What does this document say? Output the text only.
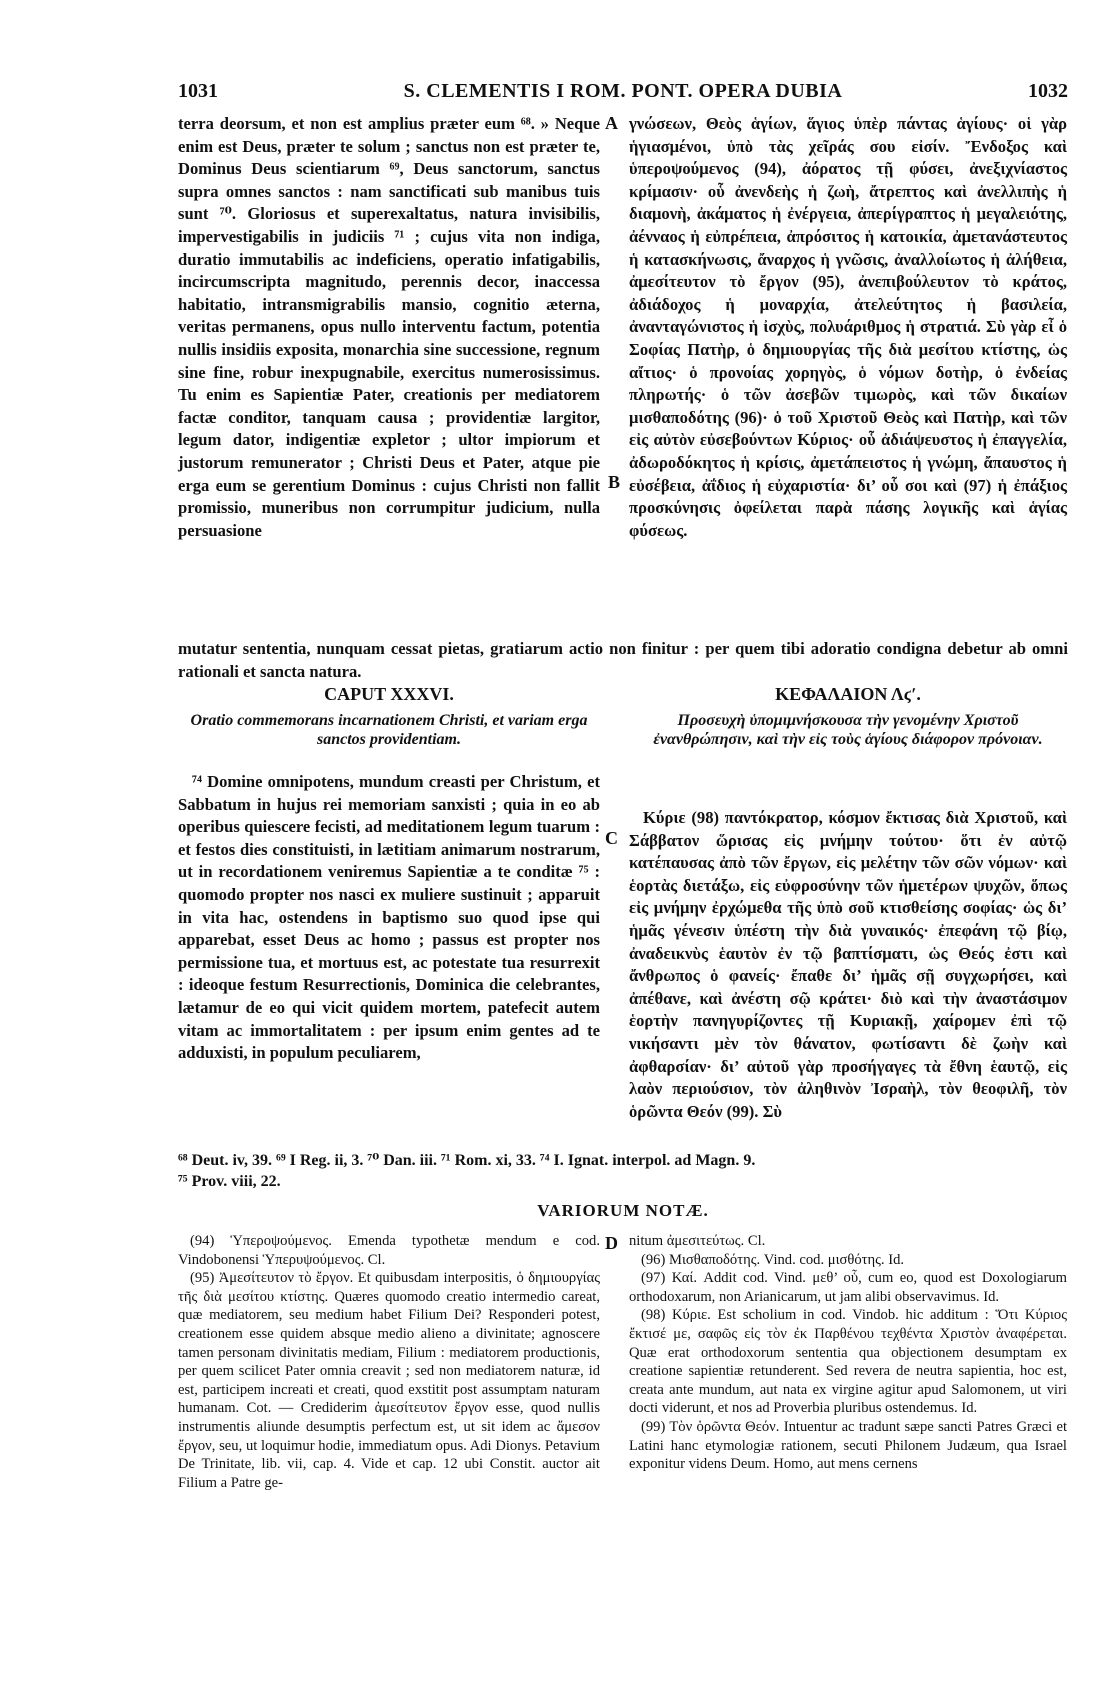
1031	S. CLEMENTIS I ROM. PONT. OPERA DUBIA	1032
A
B
C
D

terra deorsum, et non est amplius præter eum ⁶⁸. » Neque enim est Deus, præter te solum ; sanctus non est præter te, Dominus Deus scientiarum ⁶⁹, Deus sanctorum, sanctus supra omnes sanctos : nam sanctificati sub manibus tuis sunt ⁷⁰. Gloriosus et superexaltatus, natura invisibilis, impervestigabilis in judiciis ⁷¹ ; cujus vita non indiga, duratio immutabilis ac indeficiens, operatio infatigabilis, incircumscripta magnitudo, perennis decor, inaccessa habitatio, intransmigrabilis mansio, cognitio æterna, veritas permanens, opus nullo interventu factum, potentia nullis insidiis exposita, monarchia sine successione, regnum sine fine, robur inexpugnabile, exercitus numerosissimus. Tu enim es Sapientiæ Pater, creationis per mediatorem factæ conditor, tanquam causa ; providentiæ largitor, legum dator, indigentiæ expletor ; ultor impiorum et justorum remunerator ; Christi Deus et Pater, atque pie erga eum se gerentium Dominus : cujus Christi non fallit promissio, muneribus non corrumpitur judicium, nulla persuasione

γνώσεων, Θεὸς ἁγίων, ἅγιος ὑπὲρ πάντας ἁγίους· οἱ γὰρ ἡγιασμένοι, ὑπὸ τὰς χεῖράς σου εἰσίν. Ἔνδοξος καὶ ὑπεροψούμενος (94), ἀόρατος τῇ φύσει, ἀνεξιχνίαστος κρίμασιν· οὗ ἀνενδεὴς ἡ ζωὴ, ἄτρεπτος καὶ ἀνελλιπὴς ἡ διαμονὴ, ἀκάματος ἡ ἐνέργεια, ἀπερίγραπτος ἡ μεγαλειότης, ἀένναος ἡ εὐπρέπεια, ἀπρόσιτος ἡ κατοικία, ἀμετανάστευτος ἡ κατασκήνωσις, ἄναρχος ἡ γνῶσις, ἀναλλοίωτος ἡ ἀλήθεια, ἀμεσίτευτον τὸ ἔργον (95), ἀνεπιβούλευτον τὸ κράτος, ἀδιάδοχος ἡ μοναρχία, ἀτελεύτητος ἡ βασιλεία, ἀνανταγώνιστος ἡ ἰσχὺς, πολυάριθμος ἡ στρατιά. Σὺ γὰρ εἶ ὁ Σοφίας Πατὴρ, ὁ δημιουργίας τῆς διὰ μεσίτου κτίστης, ὡς αἴτιος· ὁ προνοίας χορηγὸς, ὁ νόμων δοτὴρ, ὁ ἐνδείας πληρωτής· ὁ τῶν ἀσεβῶν τιμωρὸς, καὶ τῶν δικαίων μισθαποδότης (96)· ὁ τοῦ Χριστοῦ Θεὸς καὶ Πατὴρ, καὶ τῶν εἰς αὐτὸν εὐσεβούντων Κύριος· οὗ ἀδιάψευστος ἡ ἐπαγγελία, ἀδωροδόκητος ἡ κρίσις, ἀμετάπειστος ἡ γνώμη, ἄπαυστος ἡ εὐσέβεια, ἀΐδιος ἡ εὐχαριστία· δι’ οὗ σοι καὶ (97) ἡ ἐπάξιος προσκύνησις ὀφείλεται παρὰ πάσης λογικῆς καὶ ἁγίας φύσεως.

mutatur sententia, nunquam cessat pietas, gratiarum actio non finitur : per quem tibi adoratio condigna debetur ab omni rationali et sancta natura.

CAPUT XXXVI.
Oratio commemorans incarnationem Christi, et variam erga sanctos providentiam.
ΚΕΦΑΛΑΙΟΝ Λϛʹ.
Προσευχὴ ὑπομιμνήσκουσα τὴν γενομένην Χριστοῦ ἐνανθρώπησιν, καὶ τὴν εἰς τοὺς ἁγίους διάφορον πρόνοιαν.

⁷⁴ Domine omnipotens, mundum creasti per Christum, et Sabbatum in hujus rei memoriam sanxisti ; quia in eo ab operibus quiescere fecisti, ad meditationem legum tuarum : et festos dies constituisti, in lætitiam animarum nostrarum, ut in recordationem veniremus Sapientiæ a te conditæ ⁷⁵ : quomodo propter nos nasci ex muliere sustinuit ; apparuit in vita hac, ostendens in baptismo suo quod ipse qui apparebat, esset Deus ac homo ; passus est propter nos permissione tua, et mortuus est, ac potestate tua resurrexit : ideoque festum Resurrectionis, Dominica die celebrantes, lætamur de eo qui vicit quidem mortem, patefecit autem vitam ac immortalitatem : per ipsum enim gentes ad te adduxisti, in populum peculiarem,

Κύριε (98) παντόκρατορ, κόσμον ἔκτισας διὰ Χριστοῦ, καὶ Σάββατον ὥρισας εἰς μνήμην τούτου· ὅτι ἐν αὐτῷ κατέπαυσας ἀπὸ τῶν ἔργων, εἰς μελέτην τῶν σῶν νόμων· καὶ ἑορτὰς διετάξω, εἰς εὐφροσύνην τῶν ἡμετέρων ψυχῶν, ὅπως εἰς μνήμην ἐρχώμεθα τῆς ὑπὸ σοῦ κτισθείσης σοφίας· ὡς δι’ ἡμᾶς γένεσιν ὑπέστη τὴν διὰ γυναικός· ἐπεφάνη τῷ βίῳ, ἀναδεικνὺς ἑαυτὸν ἐν τῷ βαπτίσματι, ὡς Θεός ἐστι καὶ ἄνθρωπος ὁ φανείς· ἔπαθε δι’ ἡμᾶς σῇ συγχωρήσει, καὶ ἀπέθανε, καὶ ἀνέστη σῷ κράτει· διὸ καὶ τὴν ἀναστάσιμον ἑορτὴν πανηγυρίζοντες τῇ Κυριακῇ, χαίρομεν ἐπὶ τῷ νικήσαντι μὲν τὸν θάνατον, φωτίσαντι δὲ ζωὴν καὶ ἀφθαρσίαν· δι’ αὐτοῦ γὰρ προσήγαγες τὰ ἔθνη ἑαυτῷ, εἰς λαὸν περιούσιον, τὸν ἀληθινὸν Ἰσραὴλ, τὸν θεοφιλῆ, τὸν ὁρῶντα Θεόν (99). Σὺ

⁶⁸ Deut. iv, 39. ⁶⁹ I Reg. ii, 3. ⁷⁰ Dan. iii. ⁷¹ Rom. xi, 33. ⁷⁴ I. Ignat. interpol. ad Magn. 9.
⁷⁵ Prov. viii, 22.
VARIORUM NOTÆ.

(94) Ὑπεροψούμενος. Emenda typothetæ mendum e cod. Vindobonensi Ὑπερυψούμενος. Cl.

(95) Ἀμεσίτευτον τὸ ἔργον. Et quibusdam interpositis, ὁ δημιουργίας τῆς διὰ μεσίτου κτίστης. Quæres quomodo creatio intermedio careat, quæ mediatorem, seu medium habet Filium Dei? Responderi potest, creationem esse quidem absque medio alieno a divinitate; agnoscere tamen personam divinitatis mediam, Filium : mediatorem productionis, per quem scilicet Pater omnia creavit ; sed non mediatorem naturæ, id est, participem increati et creati, quod exstitit post assumptam naturam humanam. Cot. — Crediderim ἀμεσίτευτον ἔργον esse, quod nullis instrumentis aliunde desumptis perfectum est, ut sit idem ac ἄμεσον ἔργον, seu, ut loquimur hodie, immediatum opus. Adi Dionys. Petavium De Trinitate, lib. vii, cap. 4. Vide et cap. 12 ubi Constit. auctor ait Filium a Patre ge-

nitum ἀμεσιτεύτως. Cl.

(96) Μισθαποδότης. Vind. cod. μισθότης. Id.

(97) Καί. Addit cod. Vind. μεθ’ οὗ, cum eo, quod est Doxologiarum orthodoxarum, non Arianicarum, ut jam alibi observavimus. Id.

(98) Κύριε. Est scholium in cod. Vindob. hic additum : Ὅτι Κύριος ἔκτισέ με, σαφῶς εἰς τὸν ἐκ Παρθένου τεχθέντα Χριστὸν ἀναφέρεται. Quæ erat orthodoxorum sententia qua objectionem desumptam ex creatione sapientiæ retunderent. Sed revera de neutra sapientia, hoc est, creata ante mundum, aut nata ex virgine agitur apud Salomonem, ut viri docti viderunt, et nos ad Proverbia pluribus ostendemus. Id.

(99) Τὸν ὁρῶντα Θεόν. Intuentur ac tradunt sæpe sancti Patres Græci et Latini hanc etymologiæ rationem, secuti Philonem Judæum, qua Israel exponitur videns Deum. Homo, aut mens cernens
